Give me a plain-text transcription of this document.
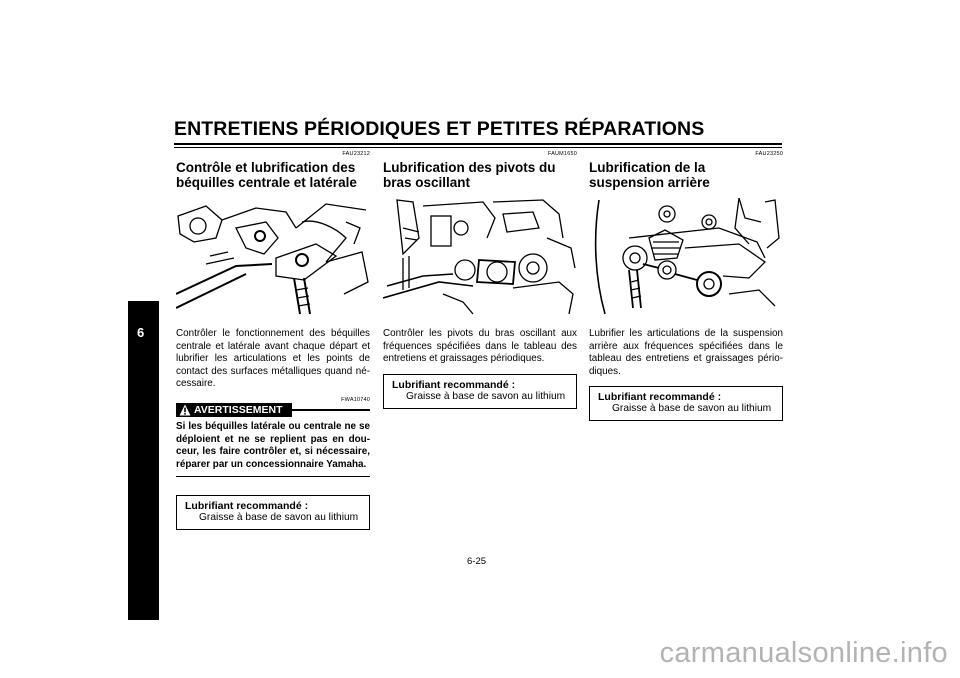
ENTRETIENS PÉRIODIQUES ET PETITES RÉPARATIONS
6
FAU23212
Contrôle et lubrification des béquilles centrale et latérale
Contrôler le fonctionnement des béquilles centrale et latérale avant chaque départ et lubrifier les articulations et les points de contact des surfaces métalliques quand né-cessaire.
FWA10740
AVERTISSEMENT
Si les béquilles latérale ou centrale ne se déploient et ne se replient pas en dou-ceur, les faire contrôler et, si nécessaire, réparer par un concessionnaire Yamaha.
Lubrifiant recommandé :
Graisse à base de savon au lithium
FAUM1650
Lubrification des pivots du bras oscillant
Contrôler les pivots du bras oscillant aux fréquences spécifiées dans le tableau des entretiens et graissages périodiques.
Lubrifiant recommandé :
Graisse à base de savon au lithium
FAU23250
Lubrification de la suspension arrière
Lubrifier les articulations de la suspension arrière aux fréquences spécifiées dans le tableau des entretiens et graissages pério-diques.
Lubrifiant recommandé :
Graisse à base de savon au lithium
6-25
carmanualsonline.info
